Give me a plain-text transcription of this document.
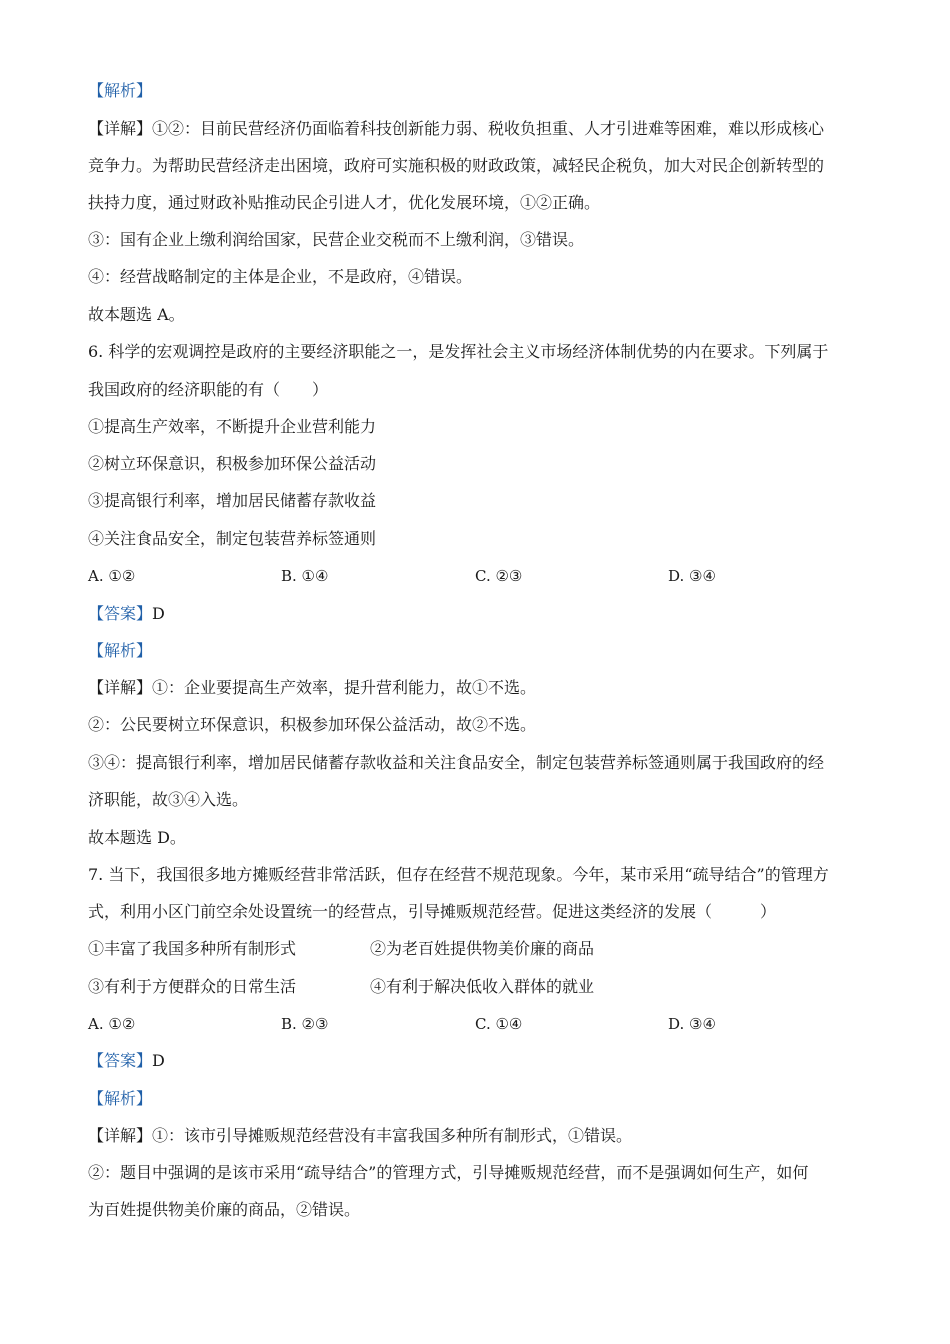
【解析】
【详解】①②：目前民营经济仍面临着科技创新能力弱、税收负担重、人才引进难等困难，难以形成核心
竞争力。为帮助民营经济走出困境，政府可实施积极的财政政策，减轻民企税负，加大对民企创新转型的
扶持力度，通过财政补贴推动民企引进人才，优化发展环境，①②正确。
③：国有企业上缴利润给国家，民营企业交税而不上缴利润，③错误。
④：经营战略制定的主体是企业，不是政府，④错误。
故本题选 A。
6. 科学的宏观调控是政府的主要经济职能之一，是发挥社会主义市场经济体制优势的内在要求。下列属于
我国政府的经济职能的有（　　）
①提高生产效率，不断提升企业营利能力
②树立环保意识，积极参加环保公益活动
③提高银行利率，增加居民储蓄存款收益
④关注食品安全，制定包装营养标签通则
A. ①②	B. ①④	C. ②③	D. ③④
【答案】D
【解析】
【详解】①：企业要提高生产效率，提升营利能力，故①不选。
②：公民要树立环保意识，积极参加环保公益活动，故②不选。
③④：提高银行利率，增加居民储蓄存款收益和关注食品安全，制定包装营养标签通则属于我国政府的经
济职能，故③④入选。
故本题选 D。
7. 当下，我国很多地方摊贩经营非常活跃，但存在经营不规范现象。今年，某市采用“疏导结合”的管理方
式，利用小区门前空余处设置统一的经营点，引导摊贩规范经营。促进这类经济的发展（　　　）
①丰富了我国多种所有制形式	②为老百姓提供物美价廉的商品
③有利于方便群众的日常生活	④有利于解决低收入群体的就业
A. ①②	B. ②③	C. ①④	D. ③④
【答案】D
【解析】
【详解】①：该市引导摊贩规范经营没有丰富我国多种所有制形式，①错误。
②：题目中强调的是该市采用“疏导结合”的管理方式，引导摊贩规范经营，而不是强调如何生产，如何
为百姓提供物美价廉的商品，②错误。
